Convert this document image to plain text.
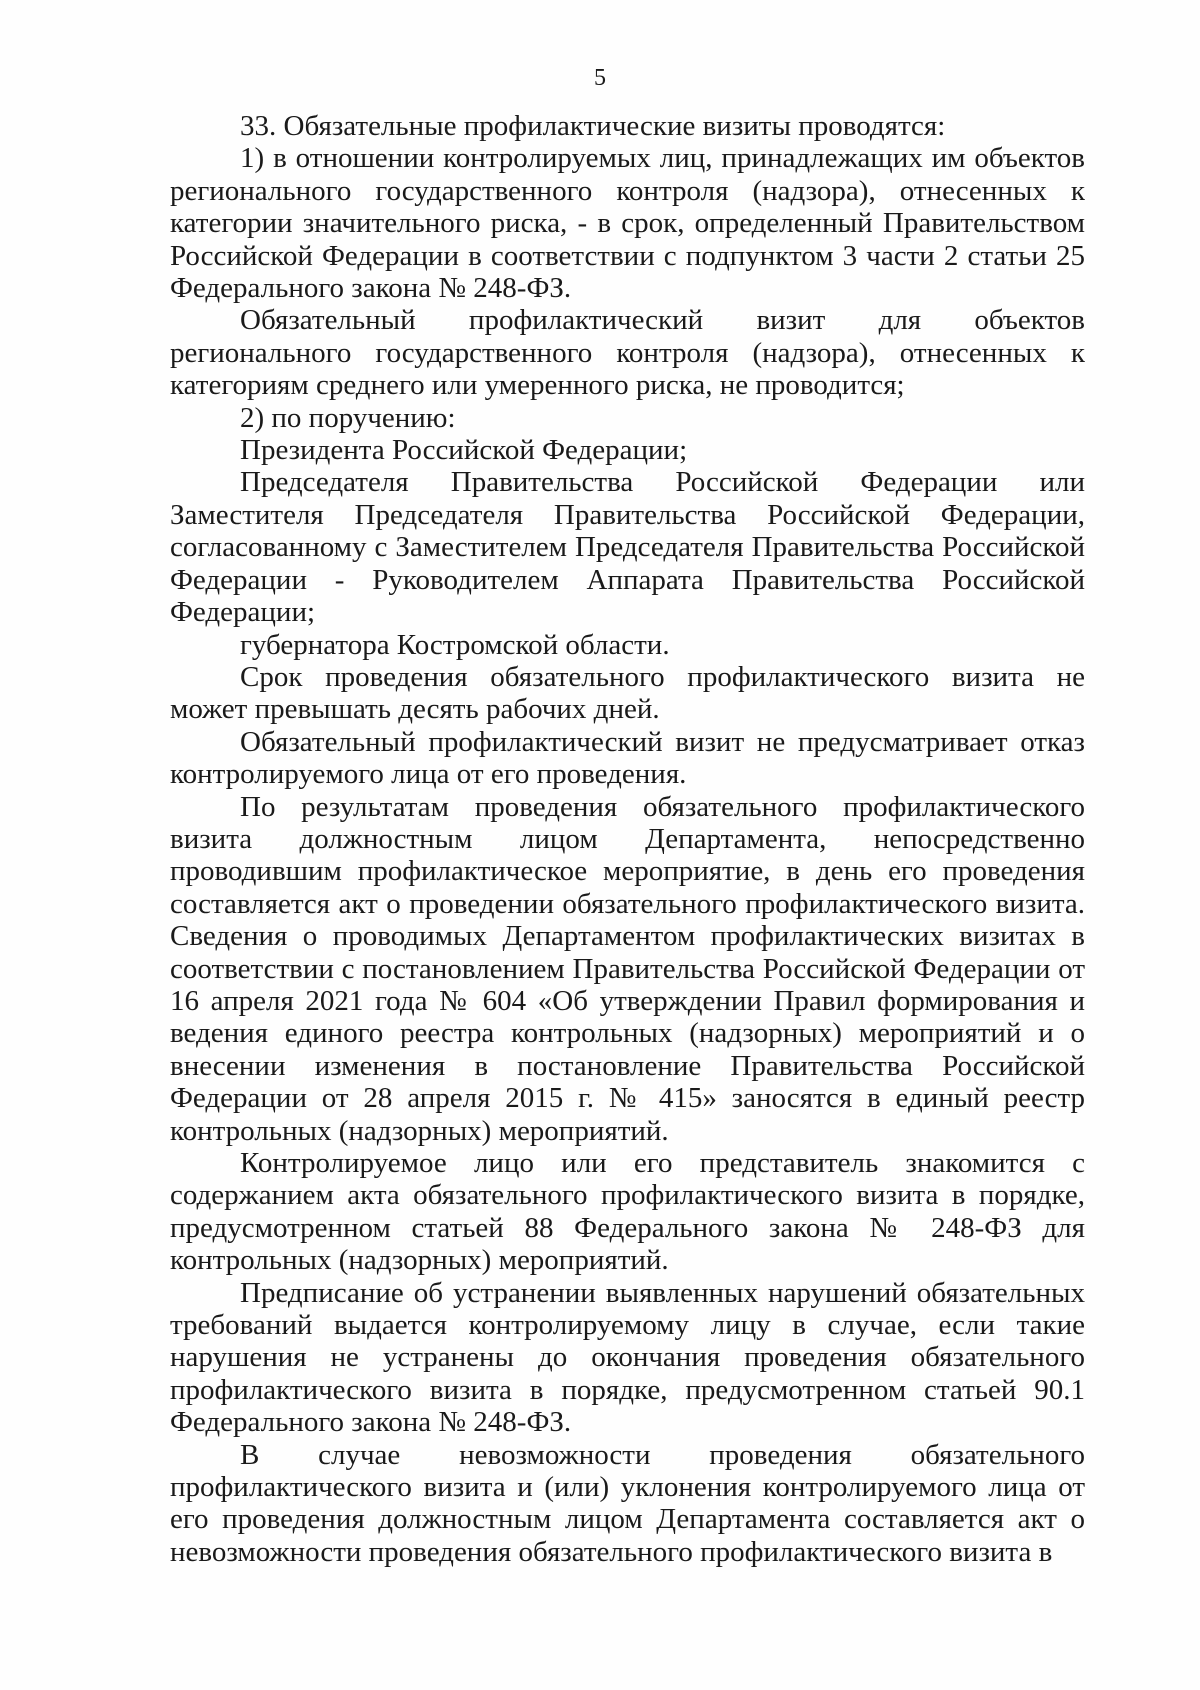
5

33. Обязательные профилактические визиты проводятся:

1) в отношении контролируемых лиц, принадлежащих им объектов регионального государственного контроля (надзора), отнесенных к категории значительного риска, - в срок, определенный Правительством Российской Федерации в соответствии с подпунктом 3 части 2 статьи 25 Федерального закона № 248-ФЗ.

Обязательный профилактический визит для объектов регионального государственного контроля (надзора), отнесенных к категориям среднего или умеренного риска, не проводится;

2) по поручению:

Президента Российской Федерации;

Председателя Правительства Российской Федерации или Заместителя Председателя Правительства Российской Федерации, согласованному с Заместителем Председателя Правительства Российской Федерации - Руководителем Аппарата Правительства Российской Федерации;

губернатора Костромской области.

Срок проведения обязательного профилактического визита не может превышать десять рабочих дней.

Обязательный профилактический визит не предусматривает отказ контролируемого лица от его проведения.

По результатам проведения обязательного профилактического визита должностным лицом Департамента, непосредственно проводившим профилактическое мероприятие, в день его проведения составляется акт о проведении обязательного профилактического визита. Сведения о проводимых Департаментом профилактических визитах в соответствии с постановлением Правительства Российской Федерации от 16 апреля 2021 года № 604 «Об утверждении Правил формирования и ведения единого реестра контрольных (надзорных) мероприятий и о внесении изменения в постановление Правительства Российской Федерации от 28 апреля 2015 г. № 415» заносятся в единый реестр контрольных (надзорных) мероприятий.

Контролируемое лицо или его представитель знакомится с содержанием акта обязательного профилактического визита в порядке, предусмотренном статьей 88 Федерального закона № 248-ФЗ для контрольных (надзорных) мероприятий.

Предписание об устранении выявленных нарушений обязательных требований выдается контролируемому лицу в случае, если такие нарушения не устранены до окончания проведения обязательного профилактического визита в порядке, предусмотренном статьей 90.1 Федерального закона № 248-ФЗ.

В случае невозможности проведения обязательного профилактического визита и (или) уклонения контролируемого лица от его проведения должностным лицом Департамента составляется акт о невозможности проведения обязательного профилактического визита в
